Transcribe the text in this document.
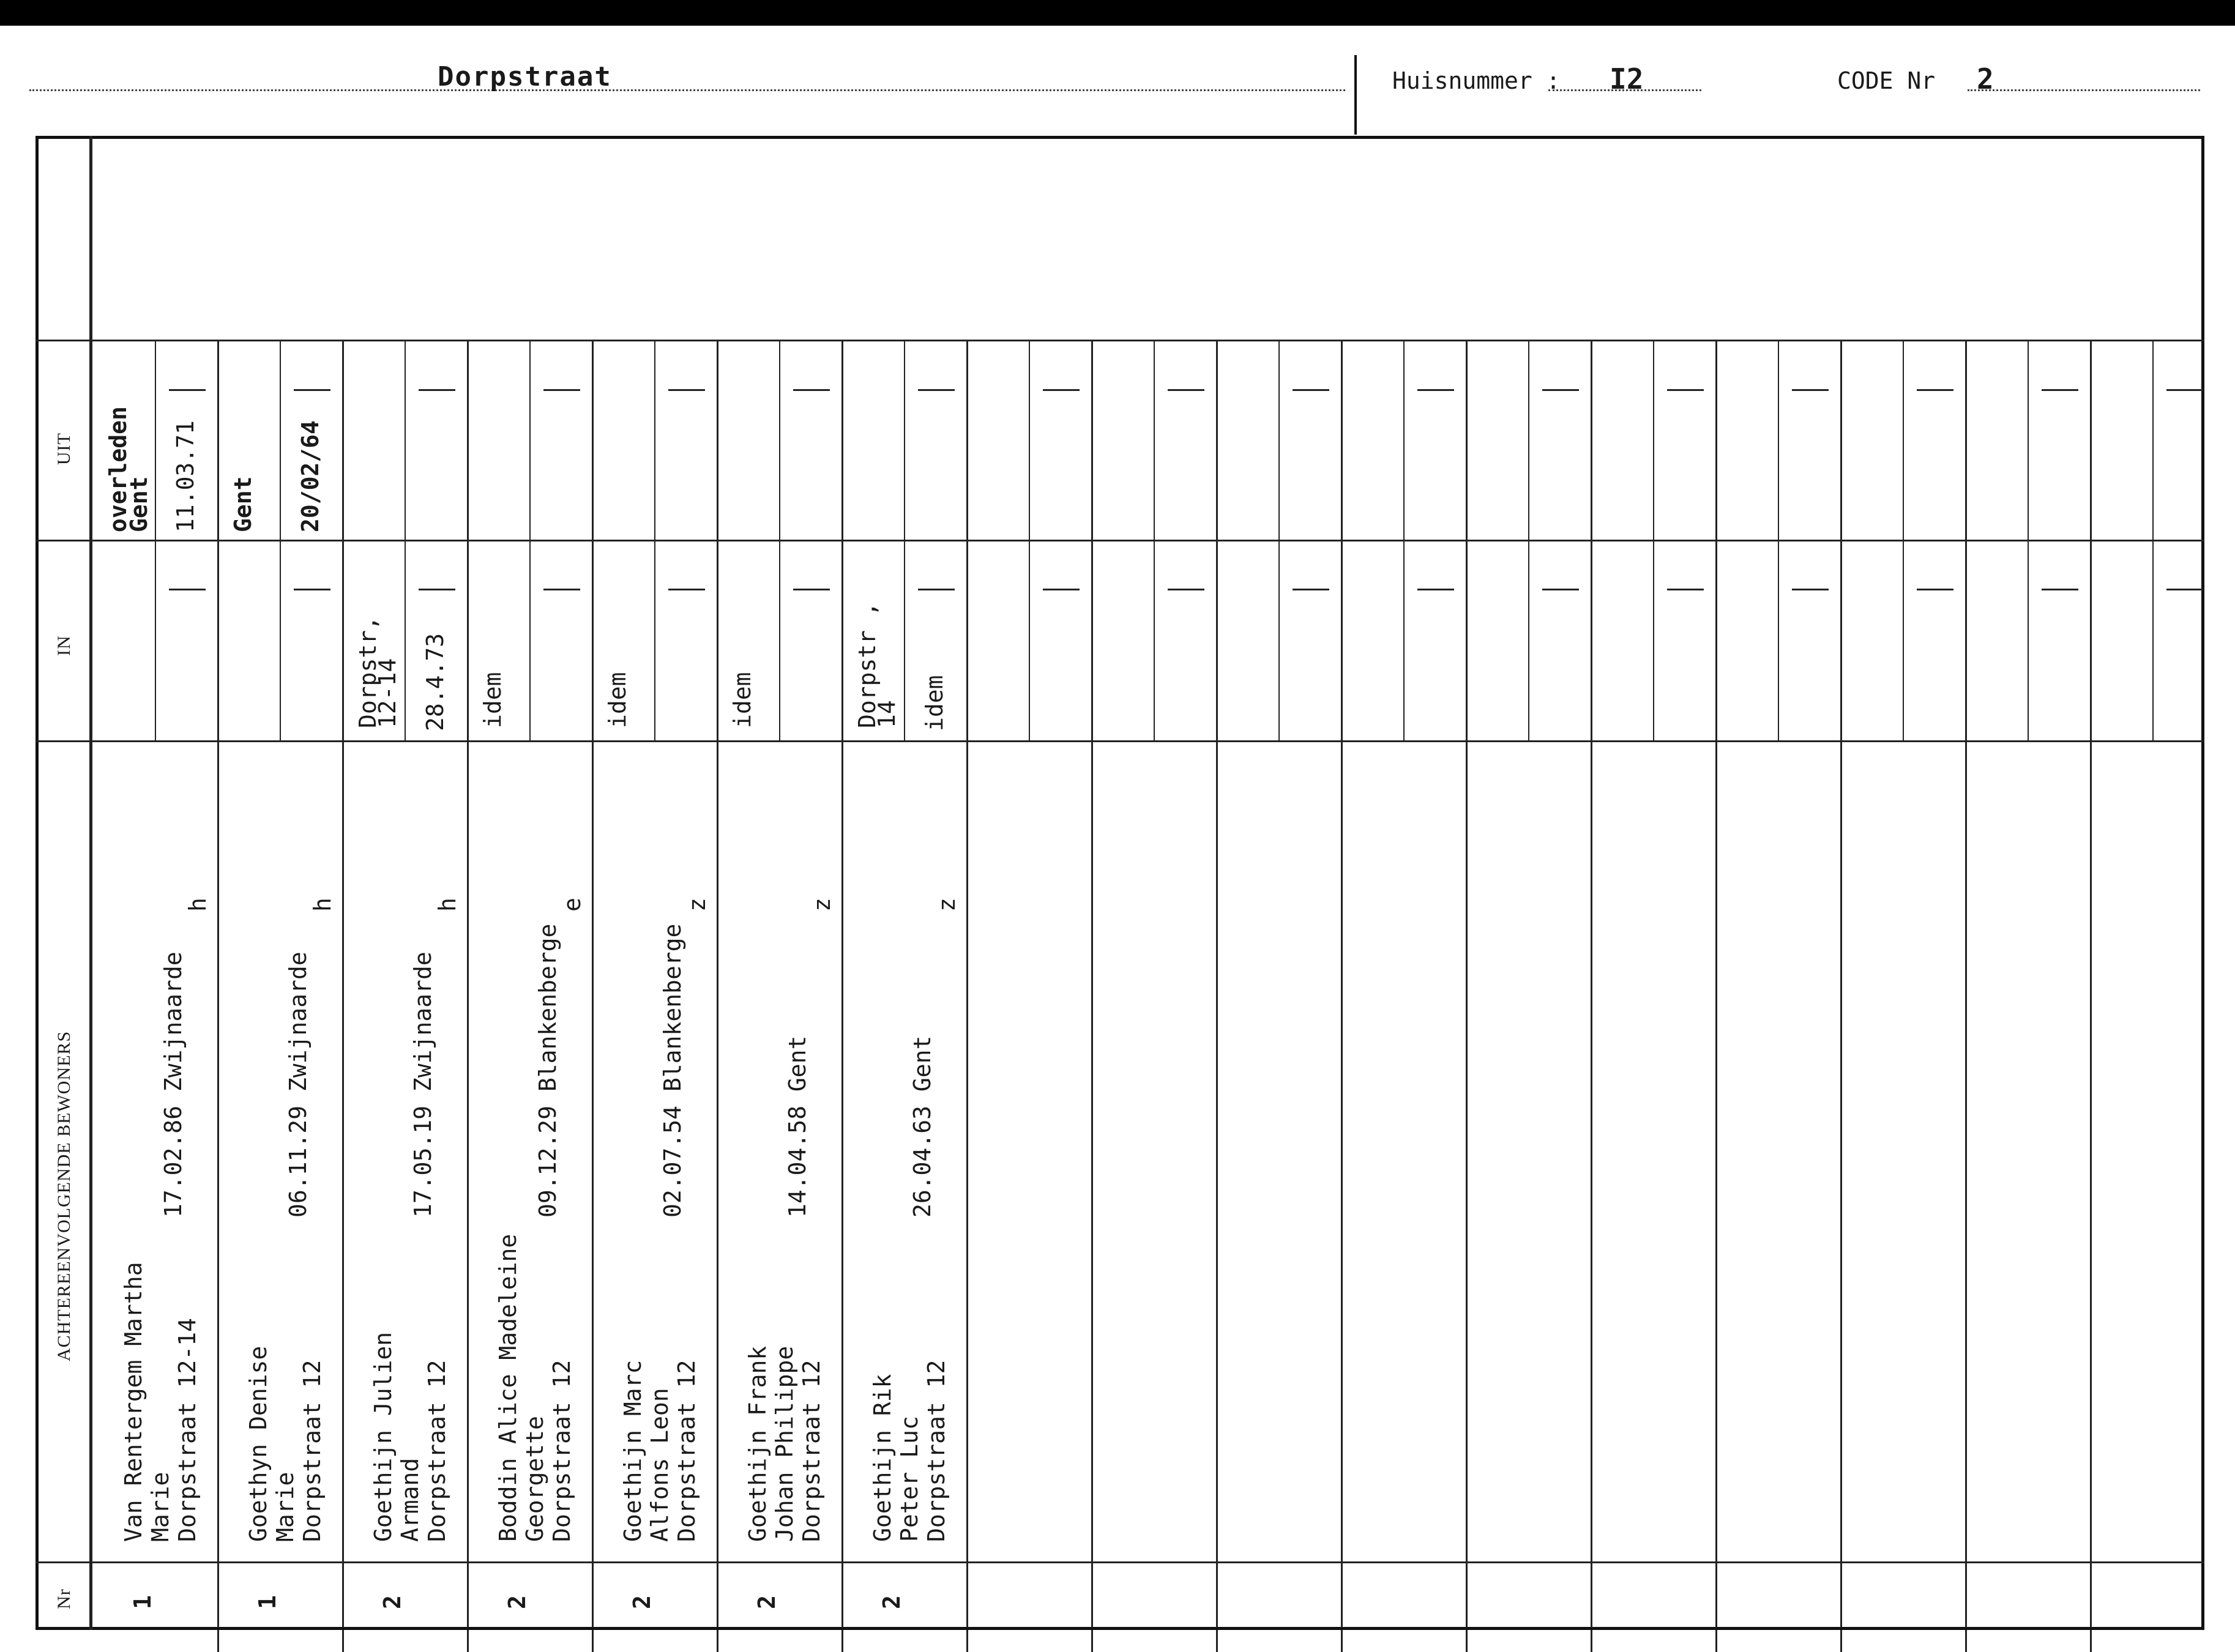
Dorpstraat	Huisnummer : I2	CODE Nr 2
UIT
IN
ACHTEREENVOLGENDE BEWONERS
Nr 1
Van Rentergem Martha Marie Dorpstraat 12-14
17.02.86 Zwijnaarde
h
overleden
Gent 11.03.71
1
Goethyn Denise Marie Dorpstraat 12
06.11.29 Zwijnaarde
h
Gent 20/02/64
2
Goethijn Julien Armand Dorpstraat 12
17.05.19 Zwijnaarde
h
Dorpstr,
12-14 28.4.73
2
Boddin Alice Madeleine Georgette Dorpstraat 12
09.12.29 Blankenberge
e
idem
2
Goethijn Marc Alfons Leon Dorpstraat 12
02.07.54 Blankenberge
z
idem
2
Goethijn Frank Johan Philippe Dorpstraat 12
14.04.58 Gent
z
idem
2
Goethijn Rik Peter Luc Dorpstraat 12
26.04.63 Gent
z
Dorpstr ,
14 idem
